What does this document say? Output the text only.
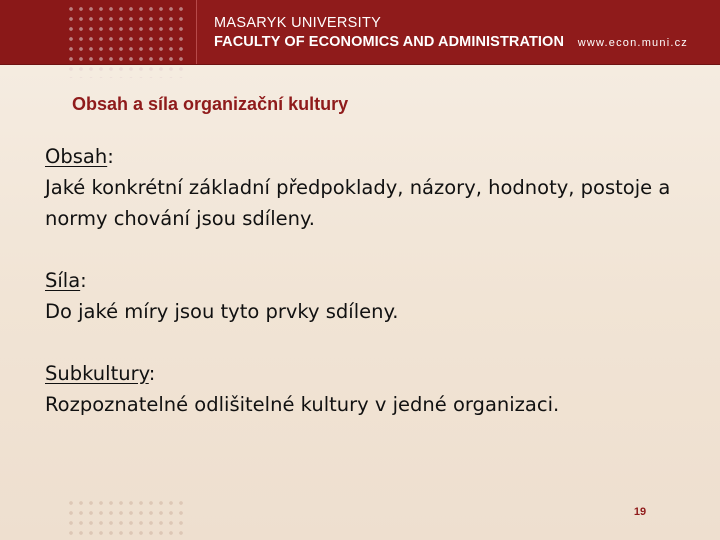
MASARYK UNIVERSITY
FACULTY OF ECONOMICS AND ADMINISTRATION www.econ.muni.cz
Obsah a síla organizační kultury

Obsah:
Jaké konkrétní základní předpoklady, názory, hodnoty, postoje a normy chování jsou sdíleny.

Síla:
Do jaké míry jsou tyto prvky sdíleny.

Subkultury:
Rozpoznatelné odlišitelné kultury v jedné organizaci.

19
